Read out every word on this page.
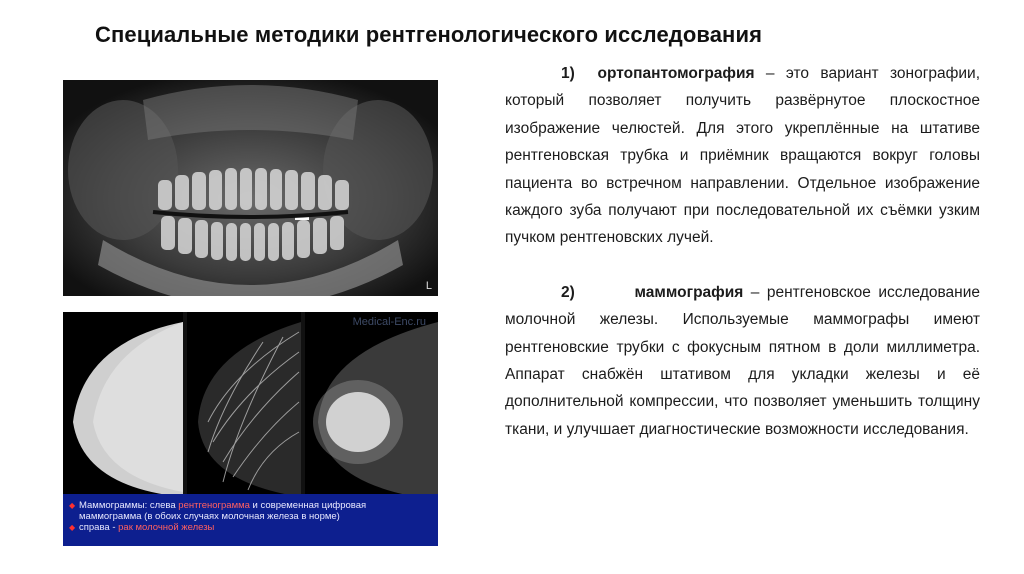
Специальные методики рентгенологического исследования
L
Medical-Enc.ru
◆ Маммограммы: слева рентгенограмма и современная цифровая
маммограмма (в обоих случаях молочная железа в норме)
◆ справа - рак молочной железы

1) ортопантомография – это вариант зонографии, который позволяет получить развёрнутое плоскостное изображение челюстей. Для этого укреплённые на штативе рентгеновская трубка и приёмник вращаются вокруг головы пациента во встречном направлении. Отдельное изображение каждого зуба получают при последовательной их съёмки узким пучком рентгеновских лучей.

2)	маммография – рентгеновское исследование молочной железы. Используемые маммографы имеют рентгеновские трубки с фокусным пятном в доли миллиметра. Аппарат снабжён штативом для укладки железы и её дополнительной компрессии, что позволяет уменьшить толщину ткани, и улучшает диагностические возможности исследования.
